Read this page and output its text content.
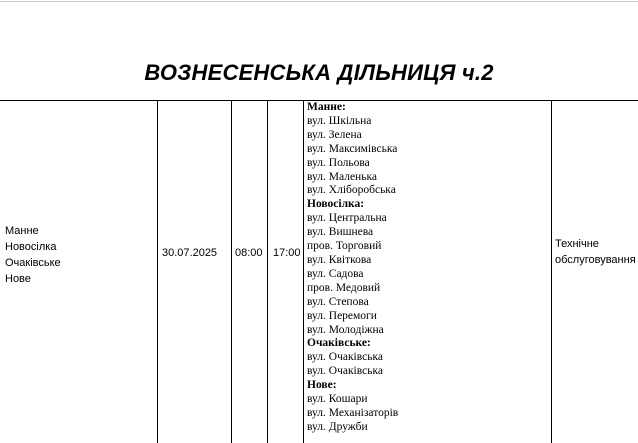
ВОЗНЕСЕНСЬКА ДІЛЬНИЦЯ ч.2
Манне
Новосілка
Очаківське
Нове
30.07.2025 08:00 17:00
Манне:
вул. Шкільна
вул. Зелена
вул. Максимівська
вул. Польова
вул. Маленька
вул. Хліборобська
Новосілка:
вул. Центральна
вул. Вишнева
пров. Торговий
вул. Квіткова
вул. Садова
пров. Медовий
вул. Степова
вул. Перемоги
вул. Молодіжна
Очаківське:
вул. Очаківська
вул. Очаківська
Нове:
вул. Кошари
вул. Механізаторів
вул. Дружби
Технічне обслуговування
